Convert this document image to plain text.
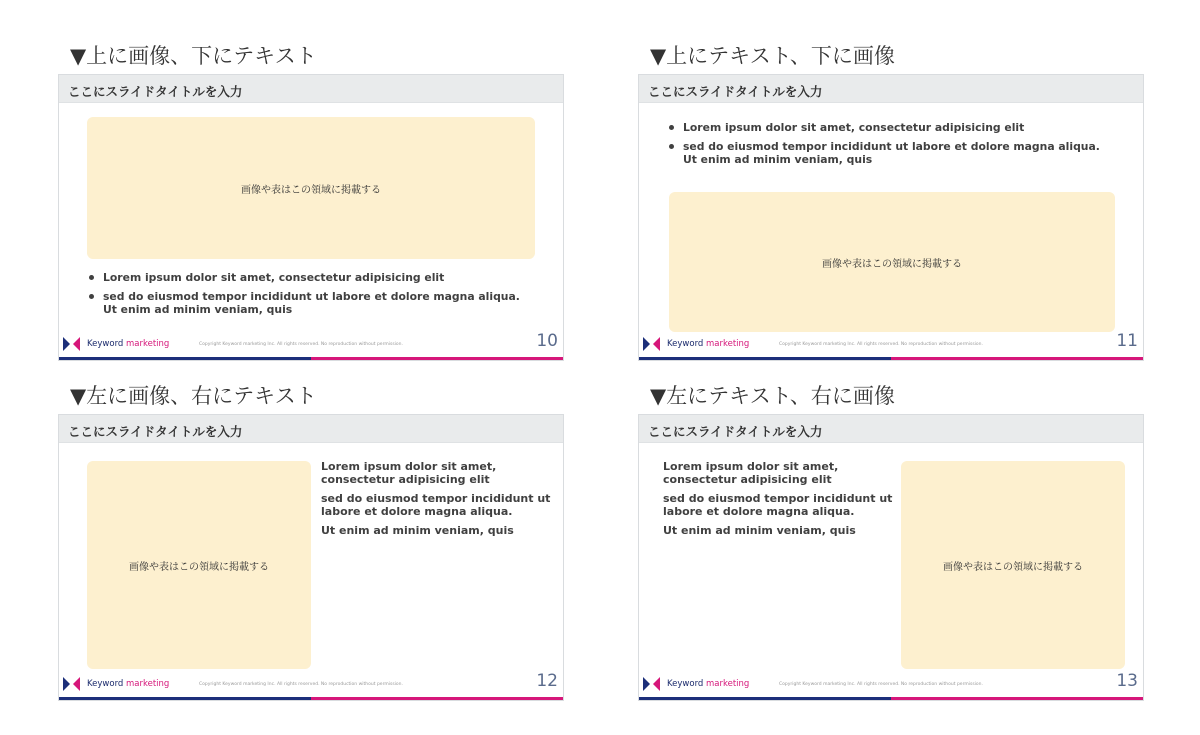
▼上に画像、下にテキスト
ここにスライドタイトルを入力
画像や表はこの領域に掲載する
Lorem ipsum dolor sit amet, consectetur adipisicing elit
sed do eiusmod tempor incididunt ut labore et dolore magna aliqua.
Ut enim ad minim veniam, quis
Keyword marketing	Copyright Keyword marketing Inc. All rights reserved. No reproduction without permission.	10
▼上にテキスト、下に画像
ここにスライドタイトルを入力
Lorem ipsum dolor sit amet, consectetur adipisicing elit
sed do eiusmod tempor incididunt ut labore et dolore magna aliqua.
Ut enim ad minim veniam, quis
画像や表はこの領域に掲載する
Keyword marketing	Copyright Keyword marketing Inc. All rights reserved. No reproduction without permission.	11
▼左に画像、右にテキスト
ここにスライドタイトルを入力
画像や表はこの領域に掲載する

Lorem ipsum dolor sit amet,
consectetur adipisicing elit

sed do eiusmod tempor incididunt ut
labore et dolore magna aliqua.

Ut enim ad minim veniam, quis

Keyword marketing	Copyright Keyword marketing Inc. All rights reserved. No reproduction without permission.	12
▼左にテキスト、右に画像
ここにスライドタイトルを入力

Lorem ipsum dolor sit amet,
consectetur adipisicing elit

sed do eiusmod tempor incididunt ut
labore et dolore magna aliqua.

Ut enim ad minim veniam, quis

画像や表はこの領域に掲載する
Keyword marketing	Copyright Keyword marketing Inc. All rights reserved. No reproduction without permission.	13
